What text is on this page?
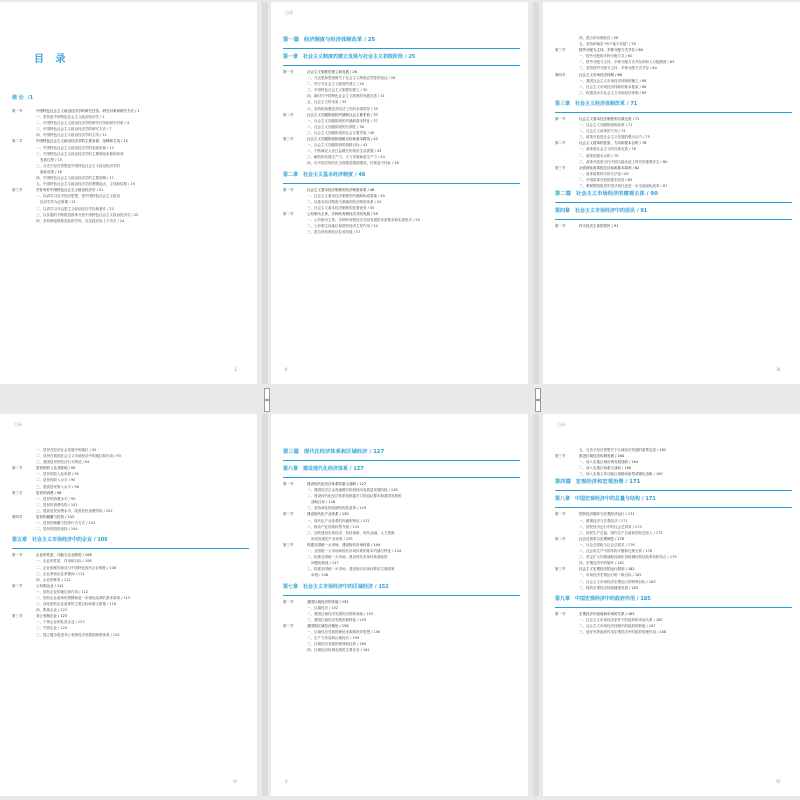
目 录
绪 论 /1
第一节	中国特色社会主义政治经济学的研究任务、研究对象和研究方法 / 1
一、坚持是中国特色社会主义政治经济学 / 1
二、中国特色社会主义政治经济学的研究任务和研究对象 / 4
三、中国特色社会主义政治经济学的研究方法 / 7
四、中国特色社会主义政治经济学的主线 / 11
第二节	中国特色社会主义政治经济学的主要来源、范畴和主线 / 12
一、中国特色社会主义政治经济学的实践来源 / 12
二、中国特色社会主义政治经济学的主要理论来源和形成
发展过程 / 15
三、习近平经济思想是中国特色社会主义政治经济学的
最新成果 / 16
四、中国特色社会主义政治经济学的主要范畴 / 17
五、中国特色社会主义政治经济学的逻辑起点、主线和结构 / 19
第三节	学好用好中国特色社会主义政治经济学 / 21
一、以真学习近平经济思想，把中国特色社会主义政治
经济学作为必修课 / 21
二、以真学习马克思主义政治经济学经典著作 / 22
三、以实施的不断推进改革开放中国特色社会主义政治经济学 / 25
四、坚持理论联系实际的学风，在实践应用上下功夫 / 24
1
目录
第一篇 经济制度与经济体制改革 / 25
第一章	社会主义制度的建立发展与社会主义初级阶段 / 25
第一节	社会主义制度的建立和发展 / 26
一、马克思和恩格斯关于社会主义制度必然性的论证 / 26
二、列宁对社会主义制度的建立 / 26
三、中国特色社会主义制度的建立 / 30
四、新时代中国特色社会主义制度的发展完善 / 31
五、社会主义的本质 / 33
六、坚持和加强党对经济工作的全面领导 / 35
第二节	社会主义初级阶段的内涵和社会主要矛盾 / 37
一、社会主义初级阶段的内涵和基本特征 / 37
二、社会主义初级阶段的长期性 / 38
三、社会主义初级阶段的社会主要矛盾 / 40
第三节	社会主义初级阶段的战略目标和基本路线 / 42
一、社会主义初级阶段的战略目标 / 42
二、不断满足人民日益增长的美好生活需要 / 43
三、解放和发展生产力，大力发展新质生产力 / 44
四、以中国式现代化全面推进强国建设、民族复兴伟业 / 46
第二章	社会主义基本经济制度 / 48
第一节	社会主义基本经济制度和经济制度体系 / 48
一、社会主义基本经济制度的内涵和构成要素 / 49
二、以基本经济制度为基础的经济制度体系 / 52
三、社会主义基本经济制度的显著优势 / 55
第二节	公有制为主体、多种所有制经济共同发展 / 55
一、公有制为主体、多种所有制经济共同发展的本质要求和实现形式 / 55
二、公有制主体地位和国有经济主导作用 / 54
三、混合所有制经济及其发展 / 57
II
四、混合所有制经济 / 58
五、坚持和落实“两个毫不动摇” / 59
第三节	按劳分配为主体、多种分配方式并存 / 60
一、按劳分配和多种分配方式 / 60
二、按劳分配为主体、多种分配方式并存的收入分配制度 / 63
三、坚持按劳分配为主体、多种分配方式并存 / 64
第四节	社会主义市场经济体制 / 66
一、我国社会主义市场经济体制的确立 / 66
二、社会主义市场经济体制的基本框架 / 66
三、构建高水平社会主义市场经济体制 / 69
第三章	社会主义经济体制改革 / 71
第一节	社会主义基本经济制度的自我完善 / 71
一、社会主义初级阶段的改革 / 71
二、社会主义改革的方向 / 74
三、改革开放是社会主义发展的强大动力 / 75
第二节	社会主义改革的性质、方向和根本目的 / 78
一、改革是社会主义的自我完善 / 78
二、改革的根本目的 / 79
三、改革开放是当代中国大踏步赶上时代的重要法宝 / 80
第三节	全面深化改革的总目标和基本原则 / 82
一、改革需要科学的方法论 / 82
二、中国改革开放的基本经验 / 85
三、紧紧围绕推进中国式现代化进一步全面深化改革 / 87
第二篇 社会主义市场经济的微观主体 / 90
第四章	社会主义市场经济中的居民 / 91
第一节	作为经济主体的居民 / 91
III
目录
一、居民在经济社会发展中的地位 / 92
二、居民在我国社会主义市场经济中的地位和作用 / 93
三、我国居民的经济行为特征 / 94
第二节	居民的收入及其影响 / 95
一、居民的收入及来源 / 95
二、居民的收入水平 / 95
三、提高居民收入水平 / 96
第三节	居民的消费 / 98
一、居民的消费水平 / 99
二、居民的消费结构 / 101
三、提高居民消费水平、改善居民消费结构 / 102
第四节	居民的储蓄与投资 / 103
一、居民的储蓄与投资行为方式 / 103
二、居民的投资选择 / 104
第五章	社会主义市场经济中的企业 / 106
第一节	企业的性质、功能与企业制度 / 106
一、企业的性质、作用和目标 / 106
二、企业制度的演变与中国特色现代企业制度 / 108
三、企业家和企业家精神 / 111
四、企业的种类 / 112
第二节	公有制企业 / 112
一、国有企业的地位和作用 / 112
二、国有企业改革的逻辑和进一步深化改革的基本原则 / 113
三、深化国有企业改革的主要目标和重大措施 / 116
四、集体企业 / 122
第三节	非公有制企业 / 123
一、个体企业和私营企业 / 123
二、外资企业 / 124
三、建立健全促进非公有制经济发展的制度体系 / 125
IV
第三篇 现代化经济体系和区域经济 / 127
第六章	建设现代化经济体系 / 127
第一节	建设现代化经济体系的重大战略 / 127
一、我国经济已由高速增长阶段转向高质量发展阶段 / 128
二、建设现代化经济体系是跨越关口的迫切要求和我国发展的
战略目标 / 128
三、坚持深化供给侧结构性改革 / 129
第二节	建设现代化产业体系 / 130
一、现代化产业体系的内涵和特征 / 131
二、推动产业结构转型升级 / 133
三、加快建设实体经济、科技创新、现代金融、人力资源
协同发展的产业体系 / 135
第三节	构建全国统一大市场，建设现代市场体系 / 144
一、全国统一大市场和现代市场体系的基本内涵与特征 / 144
二、构建全国统一大市场、建设现代市场体系面临的
问题和挑战 / 147
三、构建全国统一大市场、建设现代市场体系的主要政策
举措 / 148
第七章	社会主义市场经济中的区域经济 / 152
第一节	我国区域经济的发展 / 152
一、区域经济 / 152
二、我国区域经济发展的历程和成就 / 153
三、我国区域经济发展的新特征 / 155
第二节	我国的区域经济理论 / 156
一、区域经济发展的理论来源和指导思想 / 156
二、生产力布局和区域经济 / 159
三、区域经济发展的规律和趋势 / 160
四、区域经济协调发展的主要任务 / 161
V
目录
五、习近平经济思想关于区域经济发展的重要论述 / 162
第三节	推进区域经济协调发展 / 164
一、深入实施区域协调发展战略 / 164
二、深入实施区域重大战略 / 166
三、深入实施主体功能区战略和新型城镇化战略 / 169
第四篇 宏观经济和宏观治理 / 171
第八章	中国宏观经济中的总量与结构 / 171
第一节	国民经济循环与宏观经济运行 / 171
一、微观经济与宏观经济 / 171
二、国民经济运行中的社会总供求 / 173
三、国民生产总值、国内生产总值和国民总收入 / 175
第二节	社会总供求与宏观调控 / 176
一、社会总供给与社会总需求 / 176
二、社会再生产中的结构平衡和比例关系 / 178
三、坚定扩大内需战略同深化供给侧结构性改革有机结合 / 179
四、宏观经济中的循环 / 181
第三节	社会主义宏观经济的运行原则 / 182
一、市场经济宏观运行的一般目标 / 182
二、社会主义市场经济宏观运行的特殊目标 / 183
三、保持宏观经济持续健康发展 / 185
第九章	中国宏观经济中的政府作用 / 185
第一节	宏观经济中政府和市场的关系 / 185
一、社会主义市场经济条件下的政府和市场关系 / 185
二、社会主义市场经济体制中的政府的职能 / 187
三、更好发挥政府作用宏观经济中的政府管理作用 / 188
VI
